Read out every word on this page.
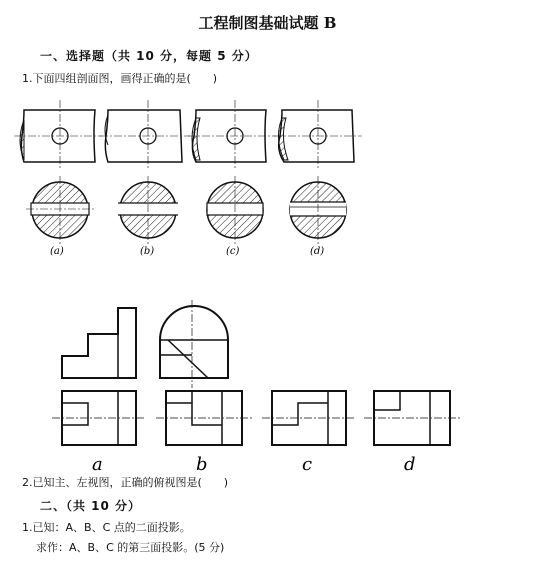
工程制图基础试题 B
一、选择题（共 10 分，每题 5 分）
1.下面四组剖面图，画得正确的是(　　)
(a)	(b)	(c)	(d)
a	b	c	d
2.已知主、左视图，正确的俯视图是(　　)
二、（共 10 分）
1.已知：A、B、C 点的二面投影。
求作：A、B、C 的第三面投影。(5 分)
